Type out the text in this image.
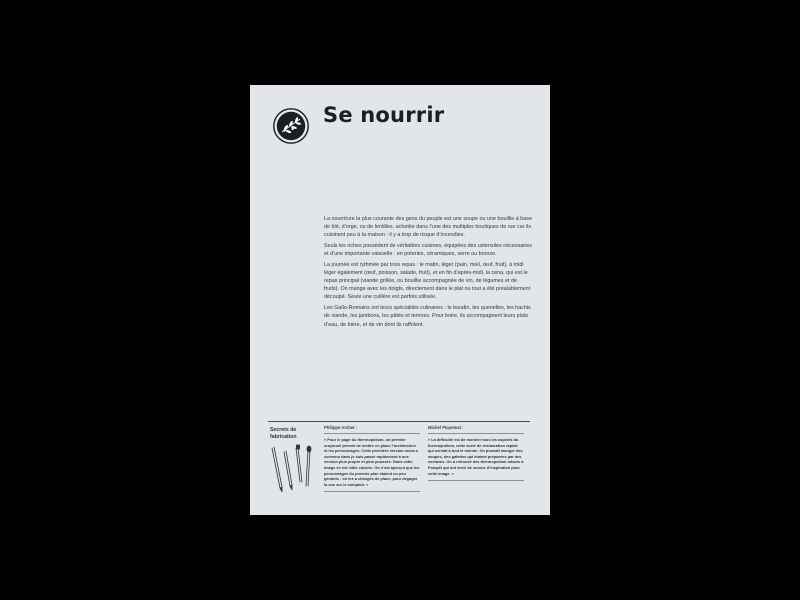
Se nourrir

La nourriture la plus courante des gens du peuple est une soupe ou une bouillie à base de blé, d’orge, ou de lentilles, achetée dans l’une des multiples boutiques de rue car ils cuisinent peu à la maison : il y a trop de risque d’incendies.

Seuls les riches possèdent de véritables cuisines, équipées des ustensiles nécessaires et d’une importante vaisselle : en poteries, céramiques, verre ou bronze.

La journée est rythmée par trois repas : le matin, léger (pain, miel, œuf, fruit), à midi léger également (œuf, poisson, salade, fruit), et en fin d’après-midi, la cena, qui est le repas principal (viande grillée, ou bouillie accompagnée de vin, de légumes et de fruits). On mange avec les doigts, directement dans le plat ou tout a été préalablement découpé. Seule une cuillère est parfois utilisée.

Les Gallo-Romains ont leurs spécialités culinaires : le boudin, les quenelles, les hachis de viande, les jambons, les pâtés et terrines. Pour boire, ils accompagnent leurs plats d’eau, de bière, et de vin dont ils raffolent.

Secrets de fabrication
Philippe Archer :
« Pour le page du thermopolium, un premier crayonné permet de mettre en place l’architecture et les personnages. Cette première version mesa o convenu dans je suis passé rapidement à une version plus propre et plus poussée. Dans cette image en est ciblé cuisine. On n’est aperçut que les personnages du premier plan étaient un peu génants : on les a changés de place, pour dégager la vue sur le comptoir. »
Michel Piquemal :
« La difficulté est de montrer tous les aspects du thermopolium, cette sorte de restauration rapide qui servait à tout le monde. On pouvait manger des soupes, des galettes qui étaient préparées par des esclaves. On a retrouvé des thermopolium intacts à Pompéi qui ont servi de source d’inspiration pour cette image. »
